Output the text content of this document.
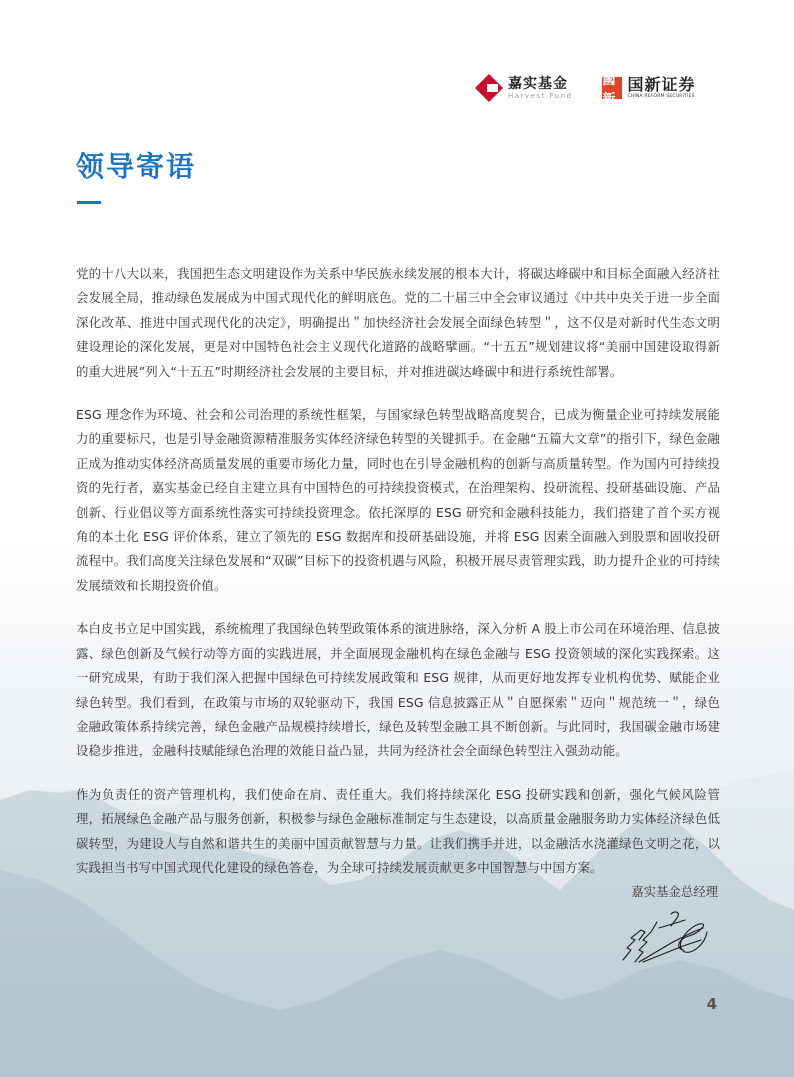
嘉实基金
Harvest Fund
國新
国新证券
CHINA REFORM SECURITIES
领导寄语

党的十八大以来，我国把生态文明建设作为关系中华民族永续发展的根本大计，将碳达峰碳中和目标全面融入经济社会发展全局，推动绿色发展成为中国式现代化的鲜明底色。党的二十届三中全会审议通过《中共中央关于进一步全面深化改革、推进中国式现代化的决定》，明确提出＂加快经济社会发展全面绿色转型＂，这不仅是对新时代生态文明建设理论的深化发展，更是对中国特色社会主义现代化道路的战略擘画。“十五五”规划建议将“美丽中国建设取得新的重大进展”列入“十五五”时期经济社会发展的主要目标，并对推进碳达峰碳中和进行系统性部署。

ESG 理念作为环境、社会和公司治理的系统性框架，与国家绿色转型战略高度契合，已成为衡量企业可持续发展能力的重要标尺，也是引导金融资源精准服务实体经济绿色转型的关键抓手。在金融“五篇大文章”的指引下，绿色金融正成为推动实体经济高质量发展的重要市场化力量，同时也在引导金融机构的创新与高质量转型。作为国内可持续投资的先行者，嘉实基金已经自主建立具有中国特色的可持续投资模式，在治理架构、投研流程、投研基础设施、产品创新、行业倡议等方面系统性落实可持续投资理念。依托深厚的 ESG 研究和金融科技能力，我们搭建了首个买方视角的本土化 ESG 评价体系，建立了领先的 ESG 数据库和投研基础设施，并将 ESG 因素全面融入到股票和固收投研流程中。我们高度关注绿色发展和“双碳”目标下的投资机遇与风险，积极开展尽责管理实践，助力提升企业的可持续发展绩效和长期投资价值。

本白皮书立足中国实践，系统梳理了我国绿色转型政策体系的演进脉络，深入分析 A 股上市公司在环境治理、信息披露、绿色创新及气候行动等方面的实践进展，并全面展现金融机构在绿色金融与 ESG 投资领域的深化实践探索。这一研究成果，有助于我们深入把握中国绿色可持续发展政策和 ESG 规律，从而更好地发挥专业机构优势、赋能企业绿色转型。我们看到，在政策与市场的双轮驱动下，我国 ESG 信息披露正从＂自愿探索＂迈向＂规范统一＂，绿色金融政策体系持续完善，绿色金融产品规模持续增长，绿色及转型金融工具不断创新。与此同时，我国碳金融市场建设稳步推进，金融科技赋能绿色治理的效能日益凸显，共同为经济社会全面绿色转型注入强劲动能。

作为负责任的资产管理机构，我们使命在肩、责任重大。我们将持续深化 ESG 投研实践和创新，强化气候风险管理，拓展绿色金融产品与服务创新，积极参与绿色金融标准制定与生态建设，以高质量金融服务助力实体经济绿色低碳转型，为建设人与自然和谐共生的美丽中国贡献智慧与力量。让我们携手并进，以金融活水浇灌绿色文明之花，以实践担当书写中国式现代化建设的绿色答卷，为全球可持续发展贡献更多中国智慧与中国方案。

嘉实基金总经理
4
